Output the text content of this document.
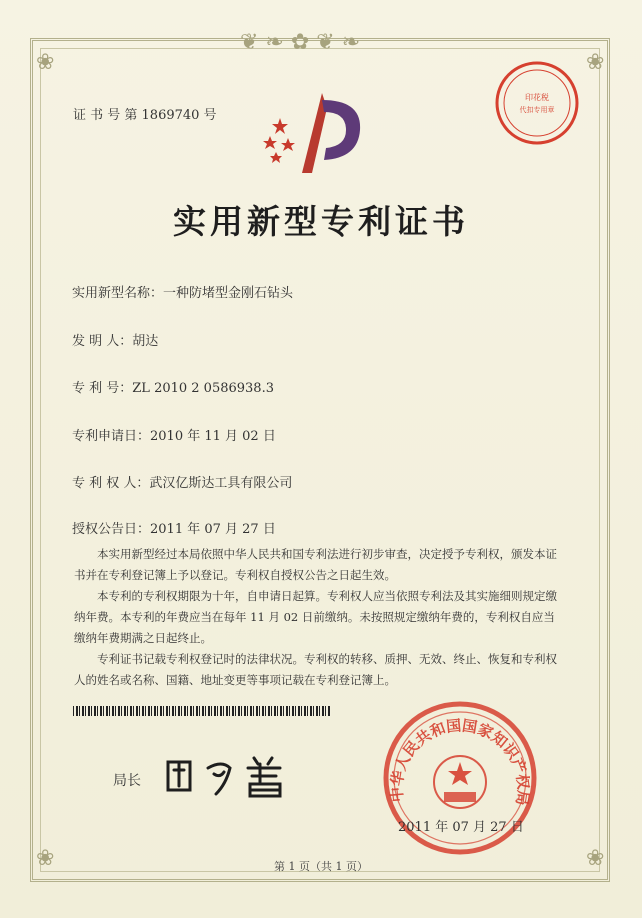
❦ ❧ ✿ ❦ ❧
❀	❀
❀	❀
证 书 号 第 1869740 号
印花税
代扣专用章
实用新型专利证书
实用新型名称：一种防堵型金刚石钻头
发 明 人：胡达
专 利 号：ZL 2010 2 0586938.3
专利申请日：2010 年 11 月 02 日
专 利 权 人：武汉亿斯达工具有限公司
授权公告日：2011 年 07 月 27 日

本实用新型经过本局依照中华人民共和国专利法进行初步审查，决定授予专利权，颁发本证书并在专利登记簿上予以登记。专利权自授权公告之日起生效。

本专利的专利权期限为十年，自申请日起算。专利权人应当依照专利法及其实施细则规定缴纳年费。本专利的年费应当在每年 11 月 02 日前缴纳。未按照规定缴纳年费的，专利权自应当缴纳年费期满之日起终止。

专利证书记载专利权登记时的法律状况。专利权的转移、质押、无效、终止、恢复和专利权人的姓名或名称、国籍、地址变更等事项记载在专利登记簿上。

局长
中华人民共和国国家知识产权局
2011 年 07 月 27 日
第 1 页（共 1 页）
